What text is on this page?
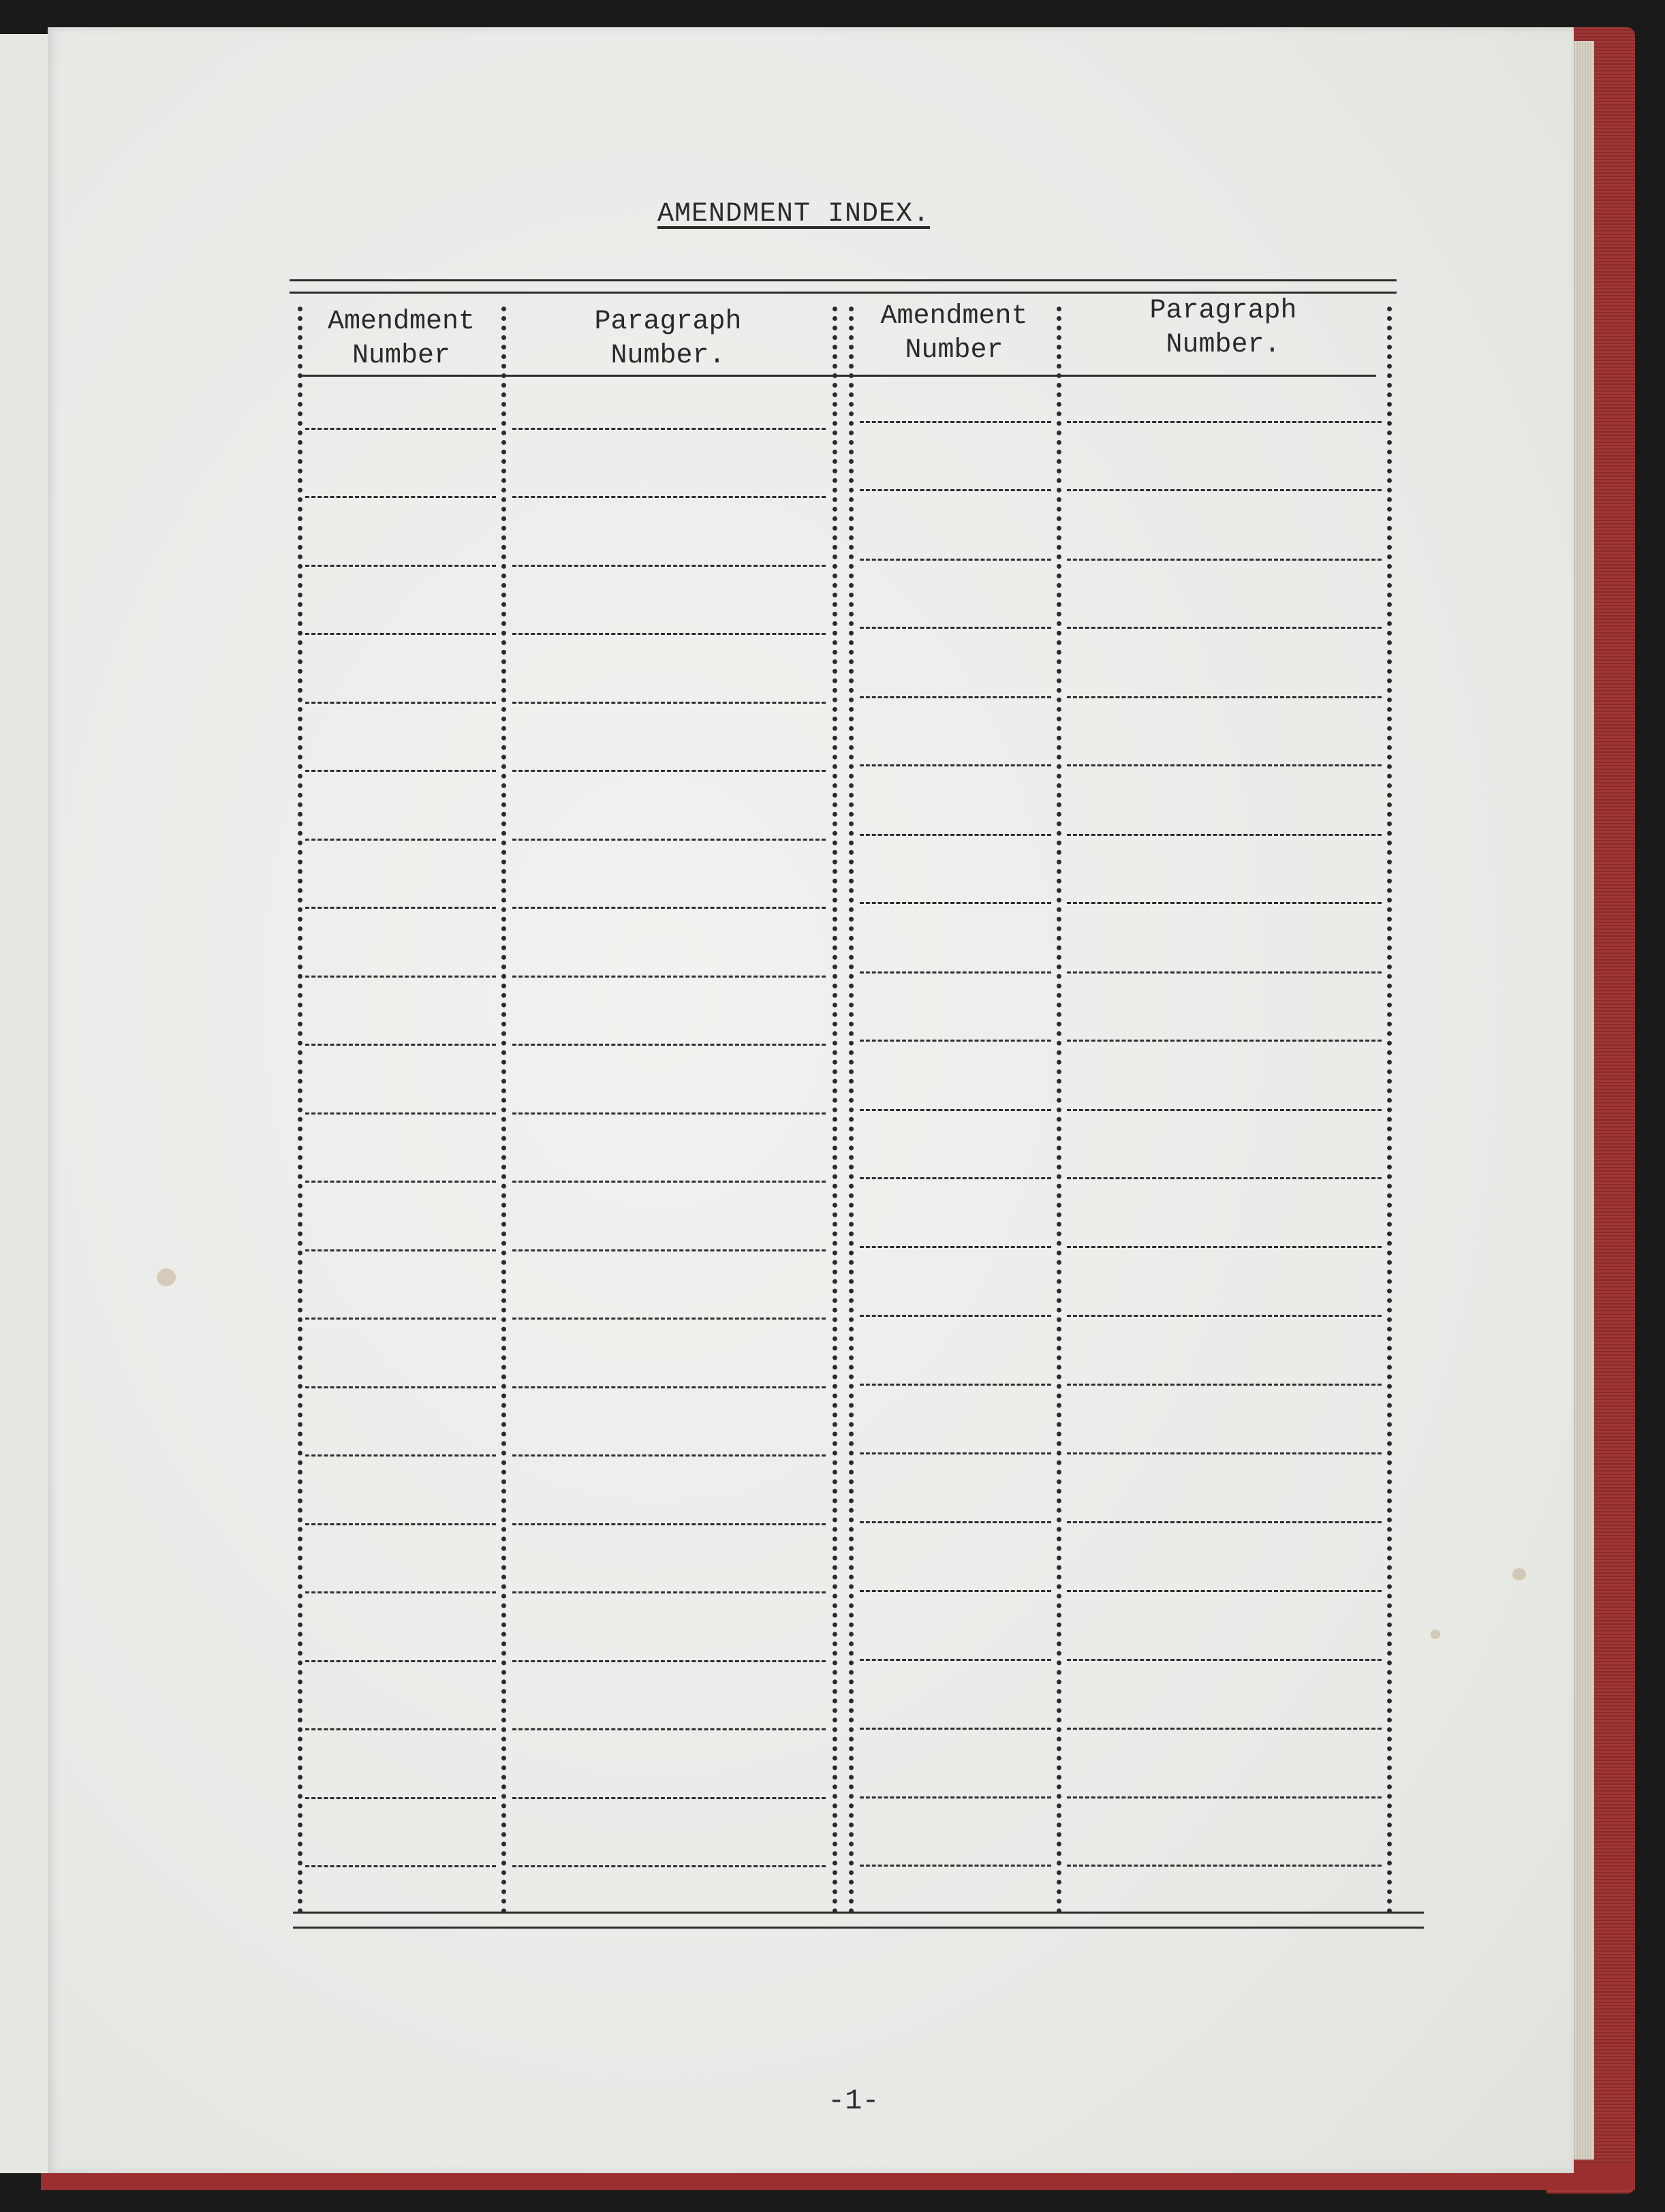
AMENDMENT INDEX.
Amendment
Number
Paragraph
Number.
Amendment
Number
Paragraph
Number.
-1-
